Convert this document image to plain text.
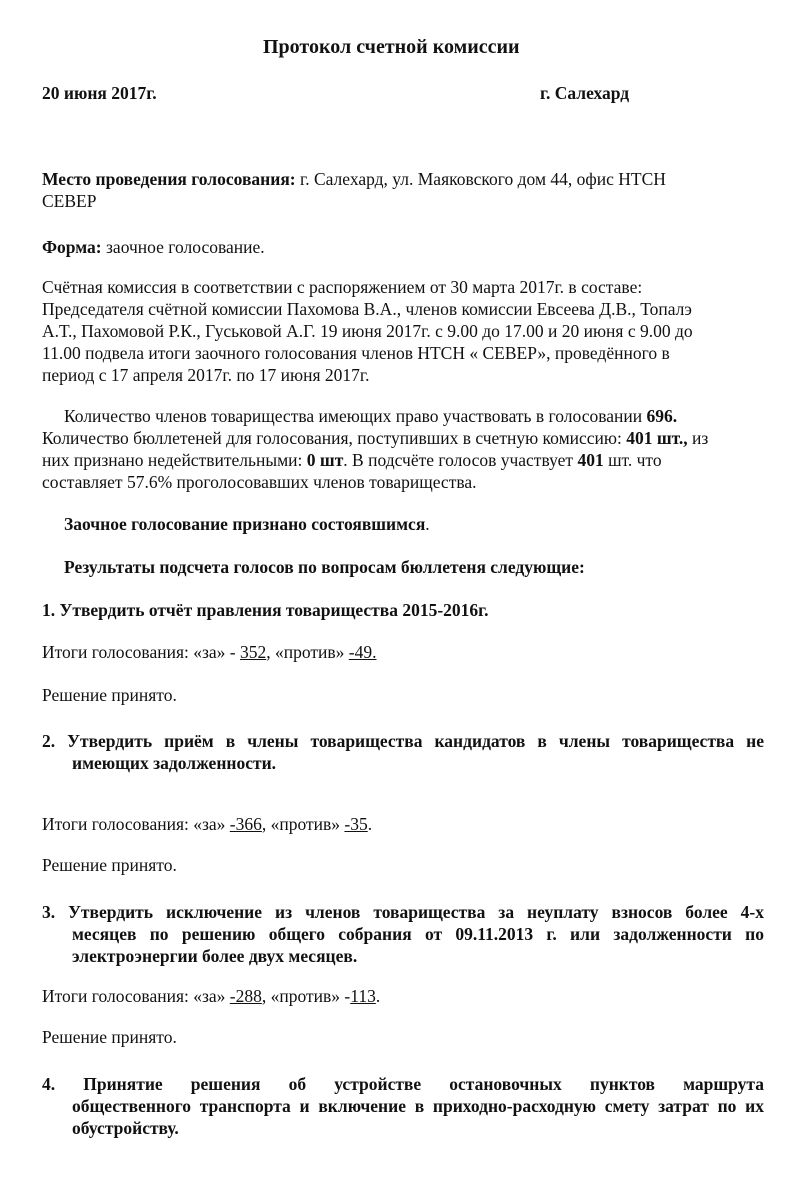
Протокол счетной комиссии
20 июня 2017г.	г. Салехард
Место проведения голосования: г. Салехард, ул. Маяковского дом 44, офис НТСН
СЕВЕР
Форма: заочное голосование.
Счётная комиссия в соответствии с распоряжением от 30 марта 2017г. в составе:
Председателя счётной комиссии Пахомова В.А., членов комиссии Евсеева Д.В., Топалэ
А.Т., Пахомовой Р.К., Гуськовой А.Г. 19 июня 2017г. с 9.00 до 17.00 и 20 июня с 9.00 до
11.00 подвела итоги заочного голосования членов НТСН « СЕВЕР», проведённого в
период с 17 апреля 2017г. по 17 июня 2017г.
Количество членов товарищества имеющих право участвовать в голосовании 696.
Количество бюллетеней для голосования, поступивших в счетную комиссию: 401 шт., из
них признано недействительными: 0 шт. В подсчёте голосов участвует 401 шт. что
составляет 57.6% проголосовавших членов товарищества.
Заочное голосование признано состоявшимся.
Результаты подсчета голосов по вопросам бюллетеня следующие:
1. Утвердить отчёт правления товарищества 2015-2016г.
Итоги голосования: «за» - 352, «против» -49.
Решение принято.
2. Утвердить приём в члены товарищества кандидатов в члены товарищества не
имеющих задолженности.
Итоги голосования: «за» -366, «против» -35.
Решение принято.
3. Утвердить исключение из членов товарищества за неуплату взносов более 4-х
месяцев по решению общего собрания от 09.11.2013 г. или задолженности по
электроэнергии более двух месяцев.
Итоги голосования: «за» -288, «против» -113.
Решение принято.
4. Принятие решения об устройстве остановочных пунктов маршрута
общественного транспорта и включение в приходно-расходную смету затрат по их
обустройству.
